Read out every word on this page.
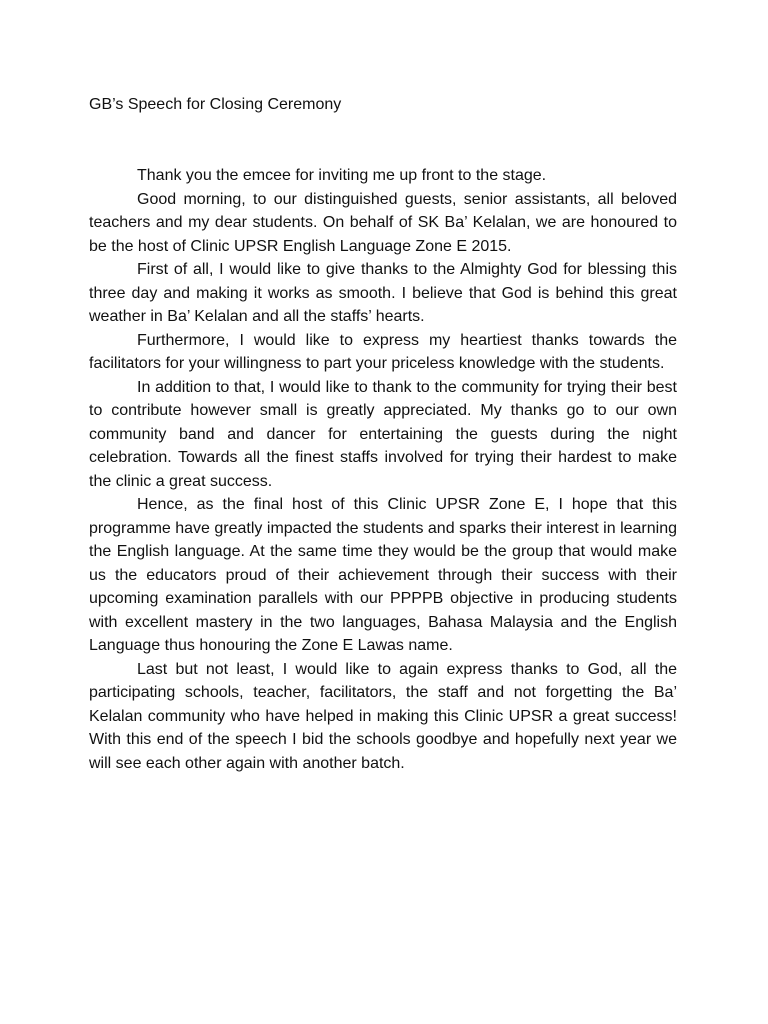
GB’s Speech for Closing Ceremony

Thank you the emcee for inviting me up front to the stage.

Good morning, to our distinguished guests, senior assistants, all beloved teachers and my dear students. On behalf of SK Ba’ Kelalan, we are honoured to be the host of Clinic UPSR English Language Zone E 2015.

First of all, I would like to give thanks to the Almighty God for blessing this three day and making it works as smooth. I believe that God is behind this great weather in Ba’ Kelalan and all the staffs’ hearts.

Furthermore, I would like to express my heartiest thanks towards the facilitators for your willingness to part your priceless knowledge with the students.

In addition to that, I would like to thank to the community for trying their best to contribute however small is greatly appreciated. My thanks go to our own community band and dancer for entertaining the guests during the night celebration. Towards all the finest staffs involved for trying their hardest to make the clinic a great success.

Hence, as the final host of this Clinic UPSR Zone E, I hope that this programme have greatly impacted the students and sparks their interest in learning the English language. At the same time they would be the group that would make us the educators proud of their achievement through their success with their upcoming examination parallels with our PPPPB objective in producing students with excellent mastery in the two languages, Bahasa Malaysia and the English Language thus honouring the Zone E Lawas name.

Last but not least, I would like to again express thanks to God, all the participating schools, teacher, facilitators, the staff and not forgetting the Ba’ Kelalan community who have helped in making this Clinic UPSR a great success! With this end of the speech I bid the schools goodbye and hopefully next year we will see each other again with another batch.
